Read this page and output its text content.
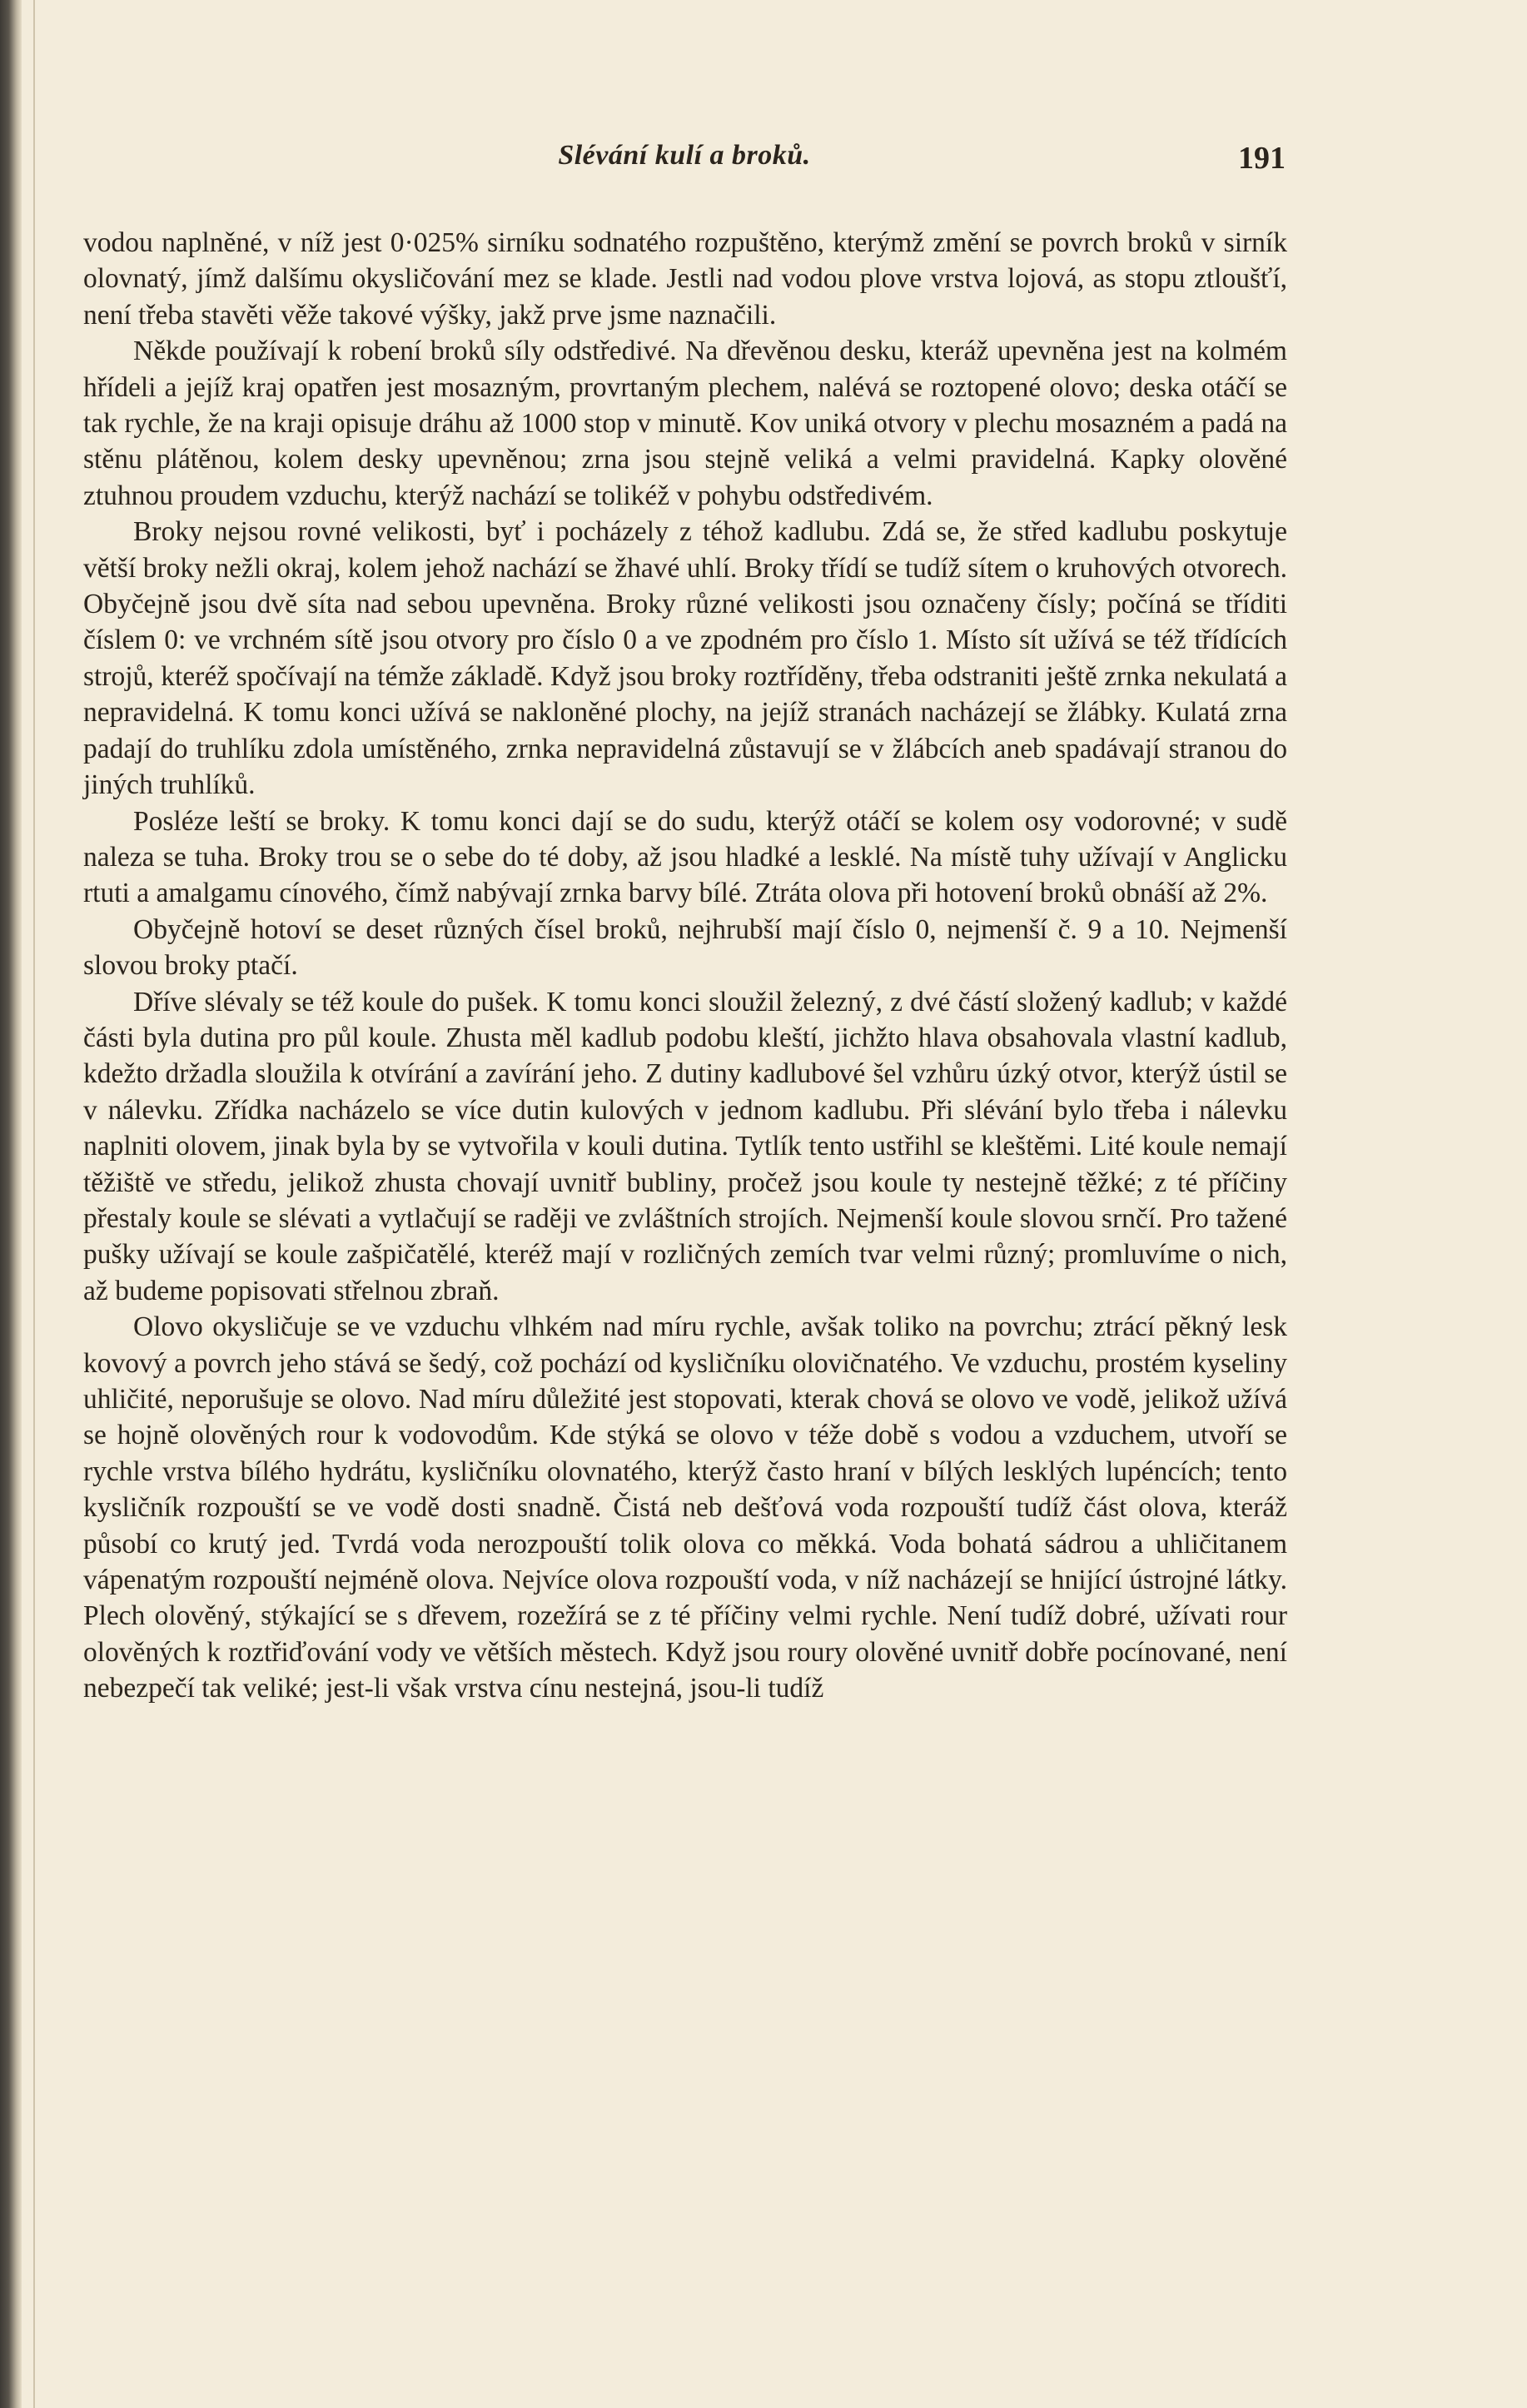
Slévání kulí a broků.	191

vodou naplněné, v níž jest 0·025% sirníku sodnatého rozpuštěno, kterýmž změní se povrch broků v sirník olovnatý, jímž dalšímu okysličování mez se klade. Jestli nad vodou plove vrstva lojová, as stopu ztloušťí, není třeba stavěti věže takové výšky, jakž prve jsme naznačili.

Někde používají k robení broků síly odstředivé. Na dřevěnou desku, kteráž upevněna jest na kolmém hřídeli a jejíž kraj opatřen jest mosazným, provrtaným plechem, nalévá se roztopené olovo; deska otáčí se tak rychle, že na kraji opisuje dráhu až 1000 stop v minutě. Kov uniká otvory v plechu mosazném a padá na stěnu plátěnou, kolem desky upevněnou; zrna jsou stejně veliká a velmi pravidelná. Kapky olověné ztuhnou proudem vzduchu, kterýž nachází se tolikéž v pohybu odstředivém.

Broky nejsou rovné velikosti, byť i pocházely z téhož kadlubu. Zdá se, že střed kadlubu poskytuje větší broky nežli okraj, kolem jehož nachází se žhavé uhlí. Broky třídí se tudíž sítem o kruhových otvorech. Obyčejně jsou dvě síta nad sebou upevněna. Broky různé velikosti jsou označeny čísly; počíná se tříditi číslem 0: ve vrchném sítě jsou otvory pro číslo 0 a ve zpodném pro číslo 1. Místo sít užívá se též třídících strojů, kteréž spočívají na témže základě. Když jsou broky roztříděny, třeba odstraniti ještě zrnka nekulatá a nepravidelná. K tomu konci užívá se nakloněné plochy, na jejíž stranách nacházejí se žlábky. Kulatá zrna padají do truhlíku zdola umístěného, zrnka nepravidelná zůstavují se v žlábcích aneb spadávají stranou do jiných truhlíků.

Posléze leští se broky. K tomu konci dají se do sudu, kterýž otáčí se kolem osy vodorovné; v sudě naleza se tuha. Broky trou se o sebe do té doby, až jsou hladké a lesklé. Na místě tuhy užívají v Anglicku rtuti a amalgamu cínového, čímž nabývají zrnka barvy bílé. Ztráta olova při hotovení broků obnáší až 2%.

Obyčejně hotoví se deset různých čísel broků, nejhrubší mají číslo 0, nejmenší č. 9 a 10. Nejmenší slovou broky ptačí.

Dříve slévaly se též koule do pušek. K tomu konci sloužil železný, z dvé částí složený kadlub; v každé části byla dutina pro půl koule. Zhusta měl kadlub podobu kleští, jichžto hlava obsahovala vlastní kadlub, kdežto držadla sloužila k otvírání a zavírání jeho. Z dutiny kadlubové šel vzhůru úzký otvor, kterýž ústil se v nálevku. Zřídka nacházelo se více dutin kulových v jednom kadlubu. Při slévání bylo třeba i nálevku naplniti olovem, jinak byla by se vytvořila v kouli dutina. Tytlík tento ustřihl se kleštěmi. Lité koule nemají těžiště ve středu, jelikož zhusta chovají uvnitř bubliny, pročež jsou koule ty nestejně těžké; z té příčiny přestaly koule se slévati a vytlačují se raději ve zvláštních strojích. Nejmenší koule slovou srnčí. Pro tažené pušky užívají se koule zašpičatělé, kteréž mají v rozličných zemích tvar velmi různý; promluvíme o nich, až budeme popisovati střelnou zbraň.

Olovo okysličuje se ve vzduchu vlhkém nad míru rychle, avšak toliko na povrchu; ztrácí pěkný lesk kovový a povrch jeho stává se šedý, což pochází od kysličníku olovičnatého. Ve vzduchu, prostém kyseliny uhličité, neporušuje se olovo. Nad míru důležité jest stopovati, kterak chová se olovo ve vodě, jelikož užívá se hojně olověných rour k vodovodům. Kde stýká se olovo v téže době s vodou a vzduchem, utvoří se rychle vrstva bílého hydrátu, kysličníku olovnatého, kterýž často hraní v bílých lesklých lupéncích; tento kysličník rozpouští se ve vodě dosti snadně. Čistá neb dešťová voda rozpouští tudíž část olova, kteráž působí co krutý jed. Tvrdá voda nerozpouští tolik olova co měkká. Voda bohatá sádrou a uhličitanem vápenatým rozpouští nejméně olova. Nejvíce olova rozpouští voda, v níž nacházejí se hnijící ústrojné látky. Plech olověný, stýkající se s dřevem, rozežírá se z té příčiny velmi rychle. Není tudíž dobré, užívati rour olověných k roztřiďování vody ve větších městech. Když jsou roury olověné uvnitř dobře pocínované, není nebezpečí tak veliké; jest-li však vrstva cínu nestejná, jsou-li tudíž
